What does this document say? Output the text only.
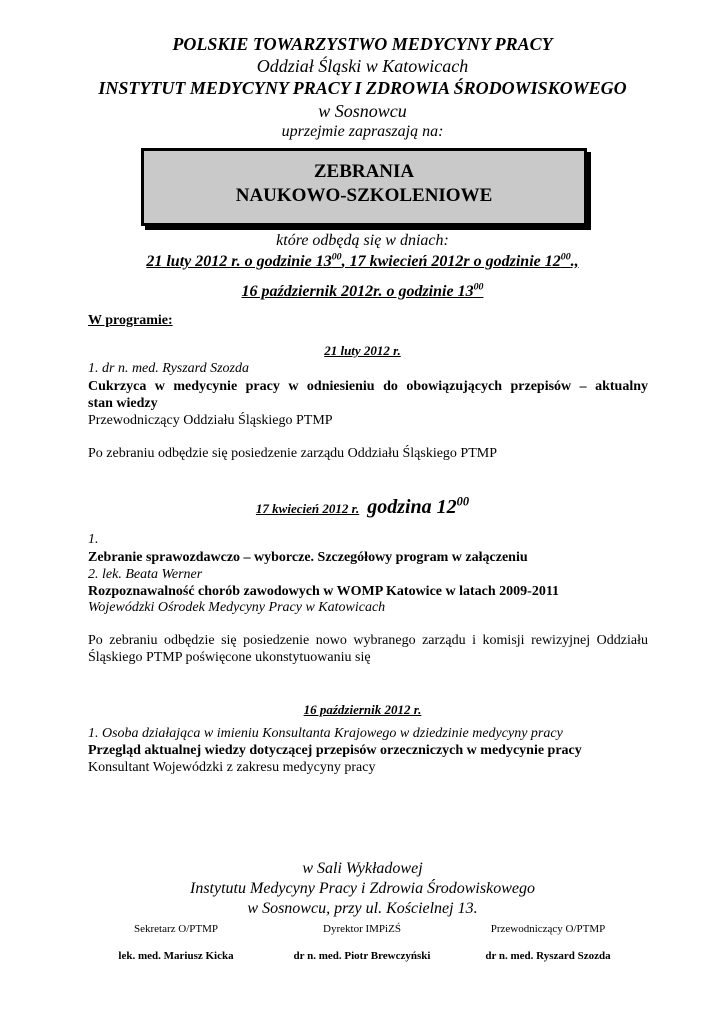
POLSKIE TOWARZYSTWO MEDYCYNY PRACY
Oddział Śląski w Katowicach
INSTYTUT MEDYCYNY PRACY I ZDROWIA ŚRODOWISKOWEGO
w Sosnowcu
uprzejmie zapraszają na:
ZEBRANIA
NAUKOWO-SZKOLENIOWE
które odbędą się w dniach:
21 luty 2012 r. o godzinie $13^{00}$, 17 kwiecień 2012r o godzinie $12^{00}$.,
16 październik 2012r. o godzinie $13^{00}$
W programie:
21 luty 2012 r.
1. dr n. med. Ryszard Szozda
Cukrzyca w medycynie pracy w odniesieniu do obowiązujących przepisów – aktualny
stan wiedzy
Przewodniczący Oddziału Śląskiego PTMP
Po zebraniu odbędzie się posiedzenie zarządu Oddziału Śląskiego PTMP
17 kwiecień 2012 r. godzina $12^{00}$
1.
Zebranie sprawozdawczo – wyborcze. Szczegółowy program w załączeniu
2. lek. Beata Werner
Rozpoznawalność chorób zawodowych w WOMP Katowice w latach 2009-2011
Wojewódzki Ośrodek Medycyny Pracy w Katowicach
Po zebraniu odbędzie się posiedzenie nowo wybranego zarządu i komisji rewizyjnej Oddziału
Śląskiego PTMP poświęcone ukonstytuowaniu się
16 październik 2012 r.
1. Osoba działająca w imieniu Konsultanta Krajowego w dziedzinie medycyny pracy
Przegląd aktualnej wiedzy dotyczącej przepisów orzeczniczych w medycynie pracy
Konsultant Wojewódzki z zakresu medycyny pracy
w Sali Wykładowej
Instytutu Medycyny Pracy i Zdrowia Środowiskowego
w Sosnowcu, przy ul. Kościelnej 13.
Sekretarz O/PTMP
lek. med. Mariusz Kicka
Dyrektor IMPiZŚ
dr n. med. Piotr Brewczyński
Przewodniczący O/PTMP
dr n. med. Ryszard Szozda
